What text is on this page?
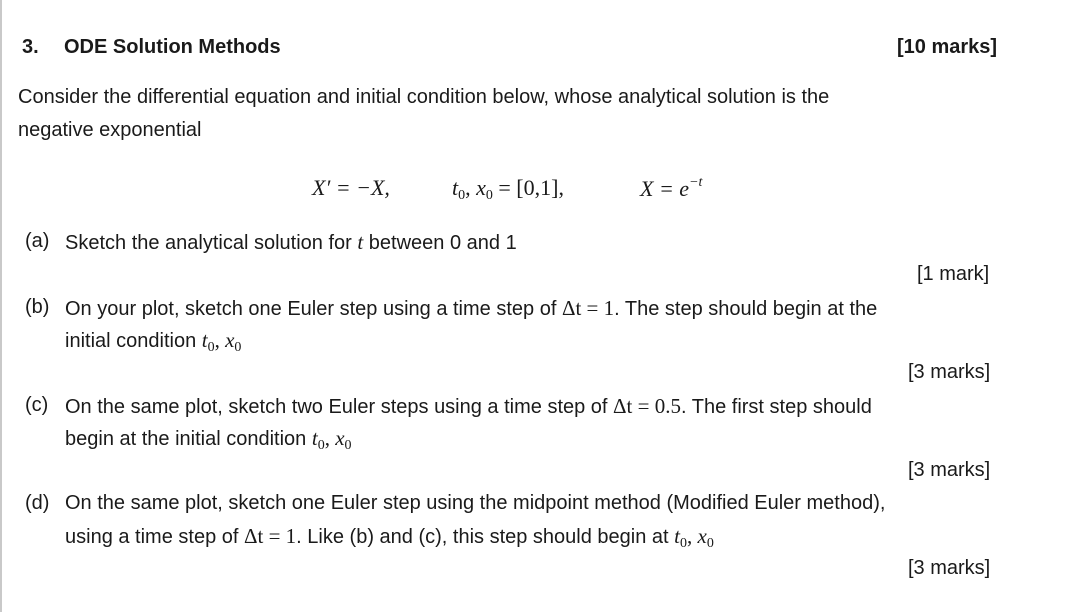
3. ODE Solution Methods	[10 marks]
Consider the differential equation and initial condition below, whose analytical solution is the
negative exponential
X′ = −X,	$t_0$, $x_0 = [0,1]$,	$X = e^{-t}$
(a) Sketch the analytical solution for t between 0 and 1
[1 mark]
(b) On your plot, sketch one Euler step using a time step of Δt = 1. The step should begin at the
initial condition $t_0$, $x_0$
[3 marks]
(c) On the same plot, sketch two Euler steps using a time step of Δt = 0.5. The first step should
begin at the initial condition $t_0$, $x_0$
[3 marks]
(d) On the same plot, sketch one Euler step using the midpoint method (Modified Euler method),
using a time step of Δt = 1. Like (b) and (c), this step should begin at $t_0$, $x_0$
[3 marks]
